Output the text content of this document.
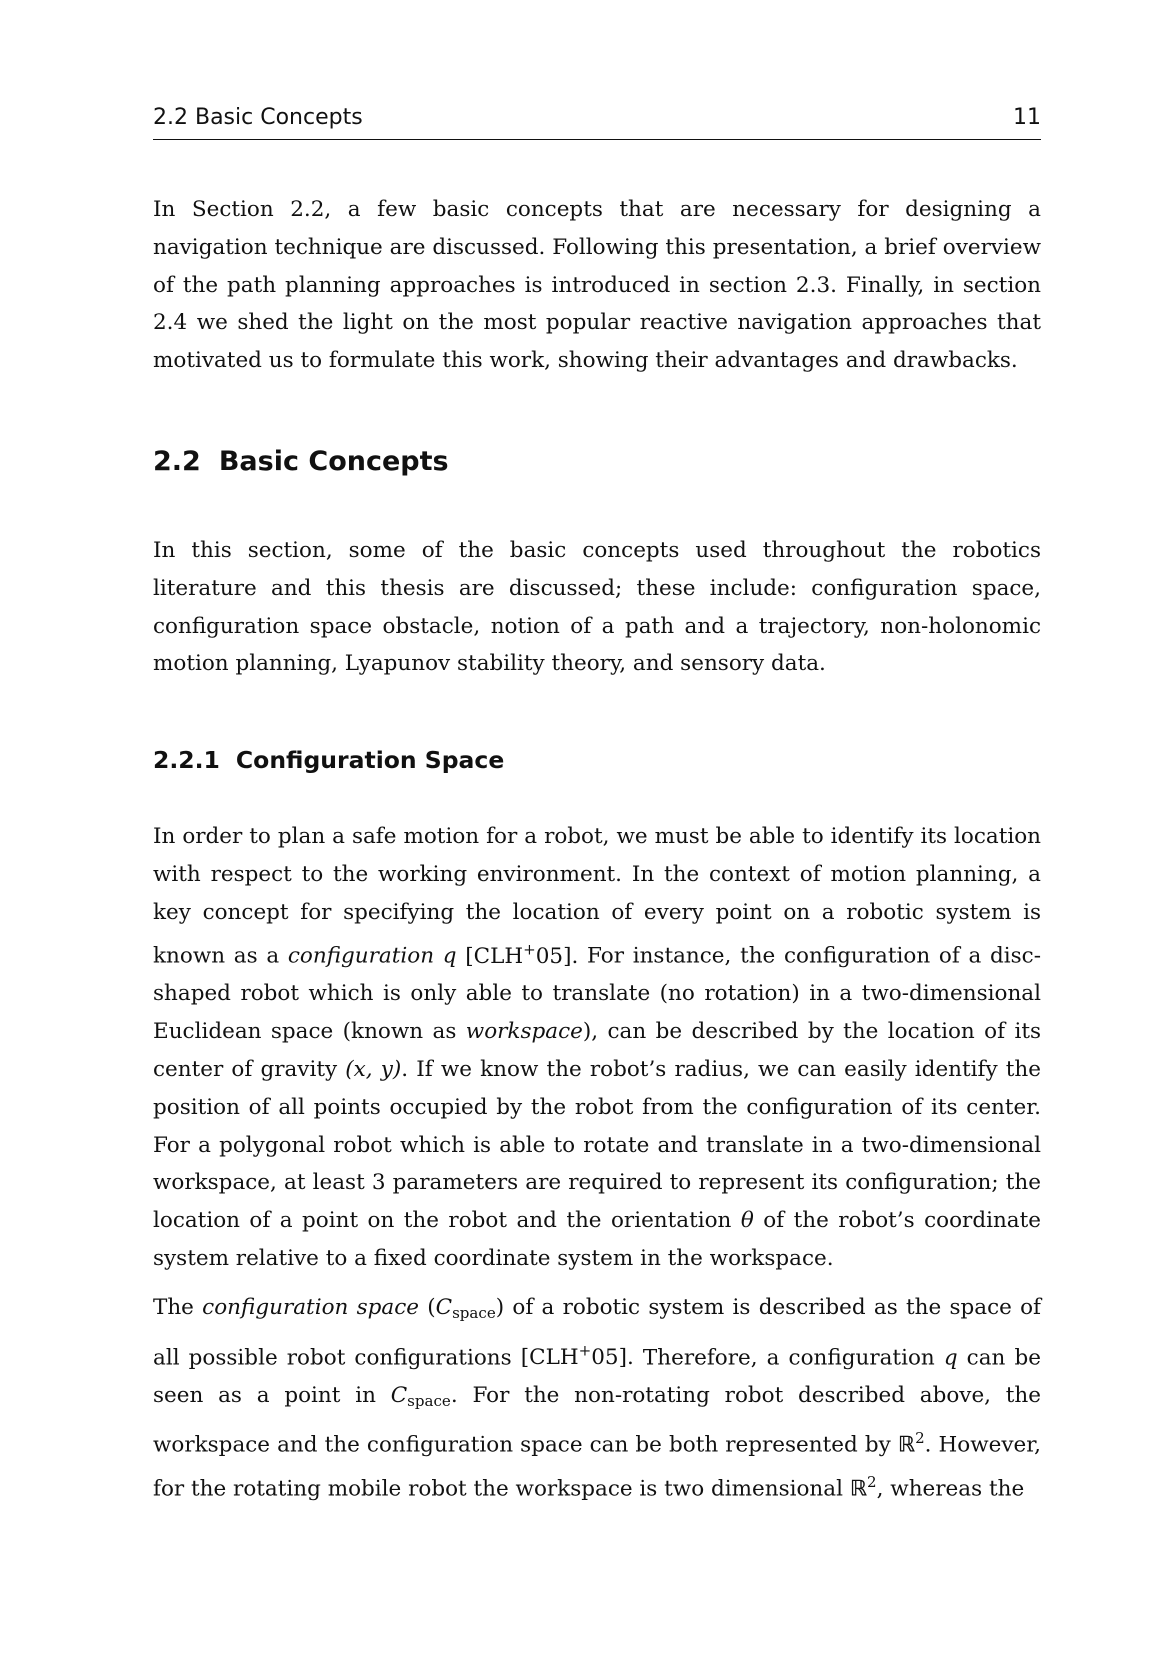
2.2 Basic Concepts	11

In Section 2.2, a few basic concepts that are necessary for designing a navigation technique are discussed. Following this presentation, a brief overview of the path planning approaches is introduced in section 2.3. Finally, in section 2.4 we shed the light on the most popular reactive navigation approaches that motivated us to formulate this work, showing their advantages and drawbacks.

2.2 Basic Concepts

In this section, some of the basic concepts used throughout the robotics literature and this thesis are discussed; these include: configuration space, configuration space obstacle, notion of a path and a trajectory, non-holonomic motion planning, Lyapunov stability theory, and sensory data.

2.2.1 Configuration Space

In order to plan a safe motion for a robot, we must be able to identify its location with respect to the working environment. In the context of motion planning, a key concept for specifying the location of every point on a robotic system is known as a configuration q [CLH+05]. For instance, the configuration of a disc-shaped robot which is only able to translate (no rotation) in a two-dimensional Euclidean space (known as workspace), can be described by the location of its center of gravity (x, y). If we know the robot’s radius, we can easily identify the position of all points occupied by the robot from the configuration of its center. For a polygonal robot which is able to rotate and translate in a two-dimensional workspace, at least 3 parameters are required to represent its configuration; the location of a point on the robot and the orientation θ of the robot’s coordinate system relative to a fixed coordinate system in the workspace.

The configuration space (Cspace) of a robotic system is described as the space of all possible robot configurations [CLH+05]. Therefore, a configuration q can be seen as a point in Cspace. For the non-rotating robot described above, the workspace and the configuration space can be both represented by ℝ$^2$. However, for the rotating mobile robot the workspace is two dimensional ℝ$^2$, whereas the
